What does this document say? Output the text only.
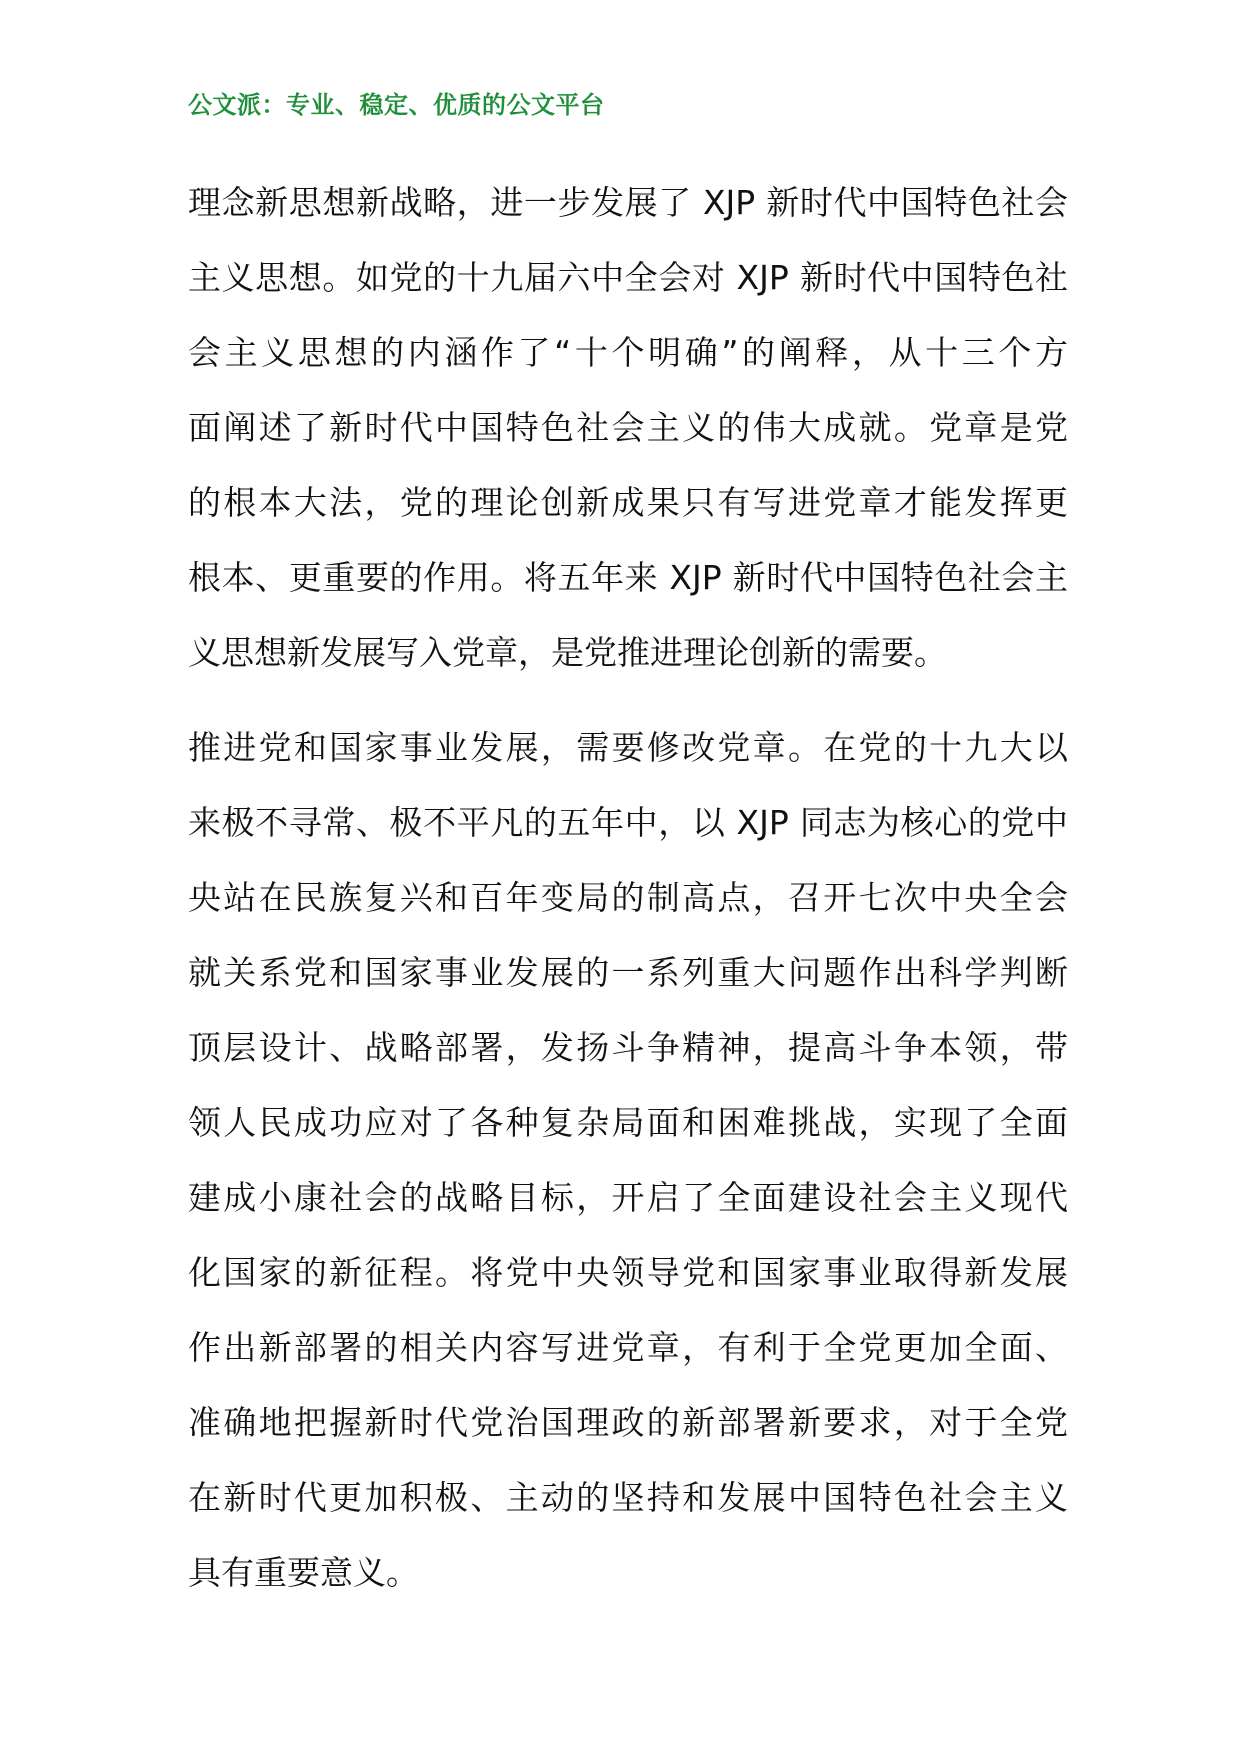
公文派：专业、稳定、优质的公文平台
理念新思想新战略，进一步发展了 XJP 新时代中国特色社会
主义思想。如党的十九届六中全会对 XJP 新时代中国特色社
会主义思想的内涵作了“十个明确”的阐释，从十三个方
面阐述了新时代中国特色社会主义的伟大成就。党章是党
的根本大法，党的理论创新成果只有写进党章才能发挥更
根本、更重要的作用。将五年来 XJP 新时代中国特色社会主
义思想新发展写入党章，是党推进理论创新的需要。
推进党和国家事业发展，需要修改党章。在党的十九大以
来极不寻常、极不平凡的五年中，以 XJP 同志为核心的党中
央站在民族复兴和百年变局的制高点，召开七次中央全会
就关系党和国家事业发展的一系列重大问题作出科学判断
顶层设计、战略部署，发扬斗争精神，提高斗争本领，带
领人民成功应对了各种复杂局面和困难挑战，实现了全面
建成小康社会的战略目标，开启了全面建设社会主义现代
化国家的新征程。将党中央领导党和国家事业取得新发展
作出新部署的相关内容写进党章，有利于全党更加全面、
准确地把握新时代党治国理政的新部署新要求，对于全党
在新时代更加积极、主动的坚持和发展中国特色社会主义
具有重要意义。
